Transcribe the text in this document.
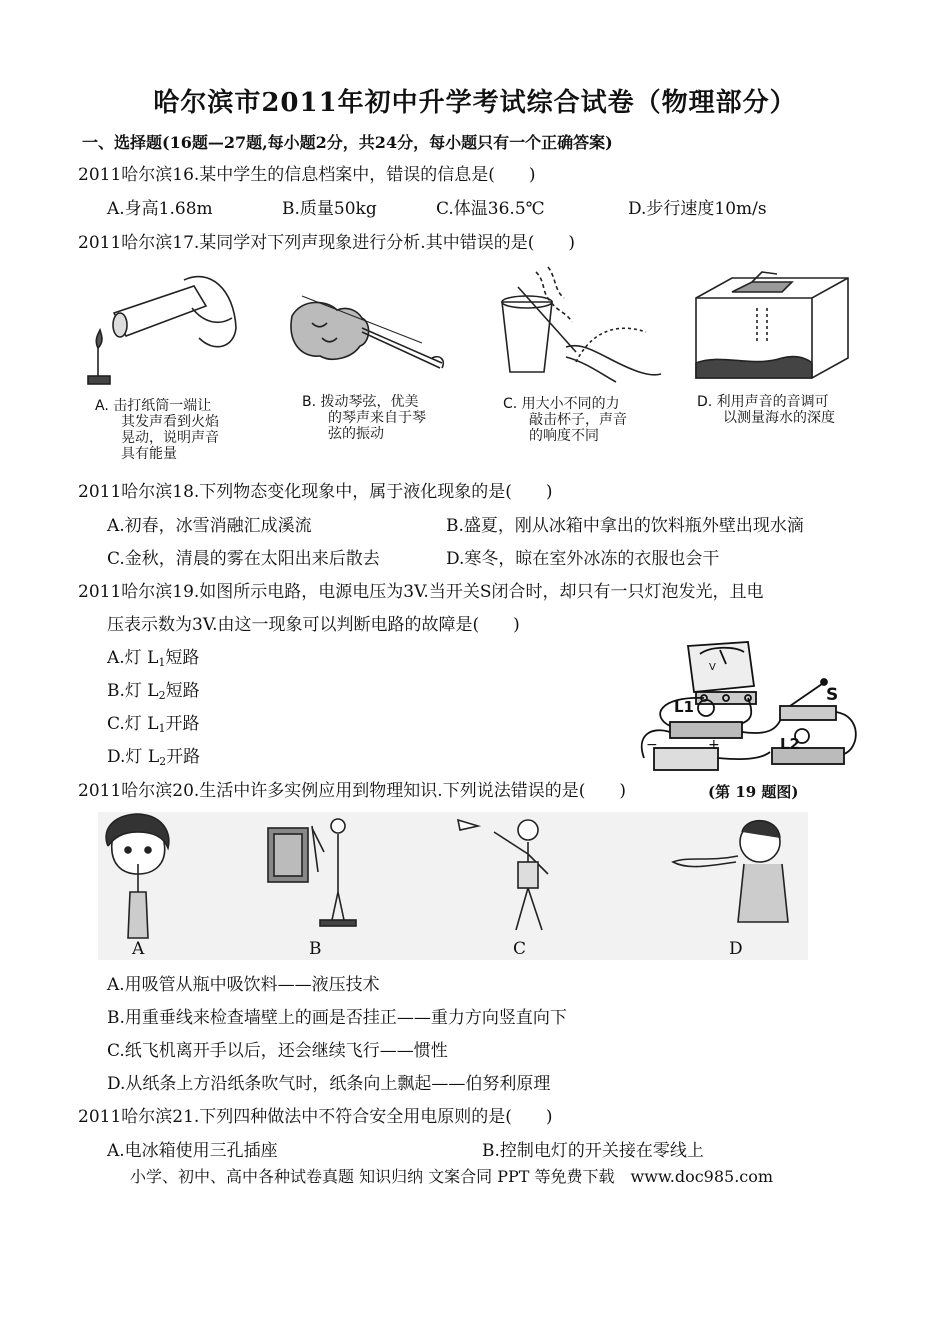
哈尔滨市2011年初中升学考试综合试卷（物理部分）
一、选择题(16题—27题,每小题2分，共24分，每小题只有一个正确答案)
2011哈尔滨16.某中学生的信息档案中，错误的信息是(　　)
A.身高1.68m	B.质量50kg	C.体温36.5℃	D.步行速度10m/s
2011哈尔滨17.某同学对下列声现象进行分析.其中错误的是(　　)
A. 击打纸筒一端让
其发声看到火焰
晃动，说明声音
具有能量
B. 拨动琴弦，优美
的琴声来自于琴
弦的振动
C. 用大小不同的力
敲击杯子，声音
的响度不同
D. 利用声音的音调可
以测量海水的深度
2011哈尔滨18.下列物态变化现象中，属于液化现象的是(　　)
A.初春，冰雪消融汇成溪流	B.盛夏，刚从冰箱中拿出的饮料瓶外壁出现水滴
C.金秋，清晨的雾在太阳出来后散去	D.寒冬，晾在室外冰冻的衣服也会干
2011哈尔滨19.如图所示电路，电源电压为3V.当开关S闭合时，却只有一只灯泡发光，且电
压表示数为3V.由这一现象可以判断电路的故障是(　　)
A.灯 $L_1$短路
B.灯 $L_2$短路
C.灯 $L_1$开路
D.灯 $L_2$开路
V
L1
L2
S
−	+
2011哈尔滨20.生活中许多实例应用到物理知识.下列说法错误的是(　　)	(第 19 题图)
A	B	C	D
A.用吸管从瓶中吸饮料——液压技术
B.用重垂线来检查墙壁上的画是否挂正——重力方向竖直向下
C.纸飞机离开手以后，还会继续飞行——惯性
D.从纸条上方沿纸条吹气时，纸条向上飘起——伯努利原理
2011哈尔滨21.下列四种做法中不符合安全用电原则的是(　　)
A.电冰箱使用三孔插座	B.控制电灯的开关接在零线上
小学、初中、高中各种试卷真题 知识归纳 文案合同 PPT 等免费下载　www.doc985.com
